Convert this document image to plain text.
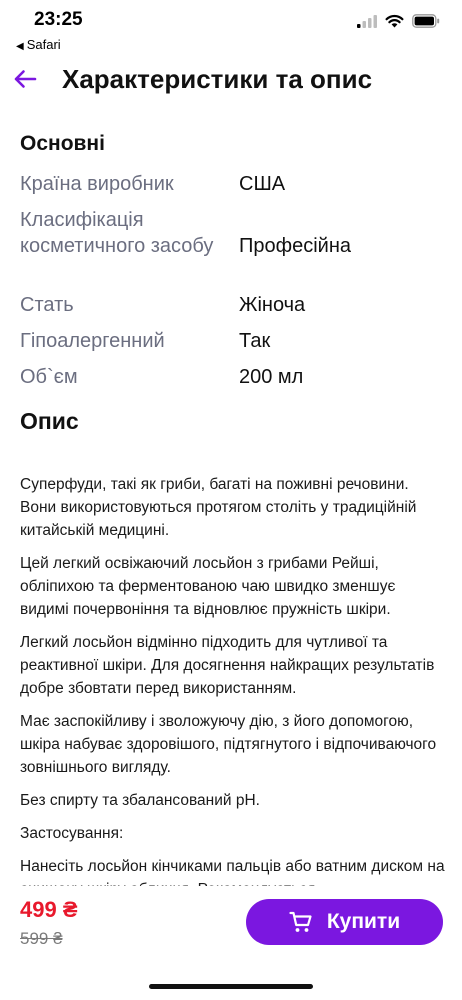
23:25
◀ Safari
Характеристики та опис
Основні
Країна виробник	США
Класифікація косметичного засобу	Професійна
Стать	Жіноча
Гіпоалергенний	Так
Об`єм	200 мл
Опис

Суперфуди, такі як гриби, багаті на поживні речовини. Вони використовуються протягом століть у традиційній китайській медицині.

Цей легкий освіжаючий лосьйон з грибами Рейші, обліпихою та ферментованою чаю швидко зменшує видимі почервоніння та відновлює пружність шкіри.

Легкий лосьйон відмінно підходить для чутливої та реактивної шкіри. Для досягнення найкращих результатів добре збовтати перед використанням.

Має заспокійливу і зволожуючу дію, з його допомогою, шкіра набуває здоровішого, підтягнутого і відпочиваючого зовнішнього вигляду.

Без спирту та збалансований pH.

Застосування:

Нанесіть лосьйон кінчиками пальців або ватним диском на

499 ₴
599 ₴
Купити
